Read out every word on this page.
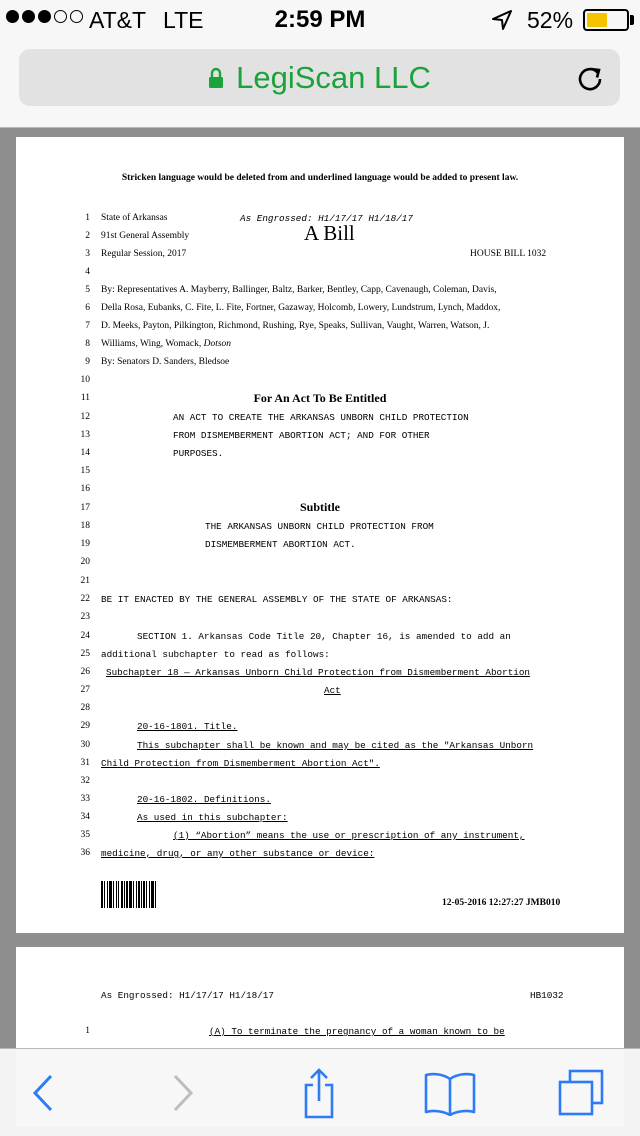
AT&T LTE	2:59 PM	52%
LegiScan LLC
Stricken language would be deleted from and underlined language would be added to present law.
1
2
3
4
5
6
7
8
9
10
11
12
13
14
15
16
17
18
19
20
21
22
23
24
25
26
27
28
29
30
31
32
33
34
35
36
State of Arkansas	As Engrossed: H1/17/17 H1/18/17
91st General Assembly	A Bill
Regular Session, 2017	HOUSE BILL 1032
By: Representatives A. Mayberry, Ballinger, Baltz, Barker, Bentley, Capp, Cavenaugh, Coleman, Davis,
Della Rosa, Eubanks, C. Fite, L. Fite, Fortner, Gazaway, Holcomb, Lowery, Lundstrum, Lynch, Maddox,
D. Meeks, Payton, Pilkington, Richmond, Rushing, Rye, Speaks, Sullivan, Vaught, Warren, Watson, J.
Williams, Wing, Womack, Dotson
By: Senators D. Sanders, Bledsoe
For An Act To Be Entitled
AN ACT TO CREATE THE ARKANSAS UNBORN CHILD PROTECTION
FROM DISMEMBERMENT ABORTION ACT; AND FOR OTHER
PURPOSES.
Subtitle
THE ARKANSAS UNBORN CHILD PROTECTION FROM
DISMEMBERMENT ABORTION ACT.
BE IT ENACTED BY THE GENERAL ASSEMBLY OF THE STATE OF ARKANSAS:
SECTION 1. Arkansas Code Title 20, Chapter 16, is amended to add an
additional subchapter to read as follows:
Subchapter 18 — Arkansas Unborn Child Protection from Dismemberment Abortion
Act
20-16-1801. Title.
This subchapter shall be known and may be cited as the "Arkansas Unborn
Child Protection from Dismemberment Abortion Act".
20-16-1802. Definitions.
As used in this subchapter:
(1) “Abortion” means the use or prescription of any instrument,
medicine, drug, or any other substance or device:
12-05-2016 12:27:27 JMB010
As Engrossed: H1/17/17 H1/18/17	HB1032
1	(A) To terminate the pregnancy of a woman known to be
